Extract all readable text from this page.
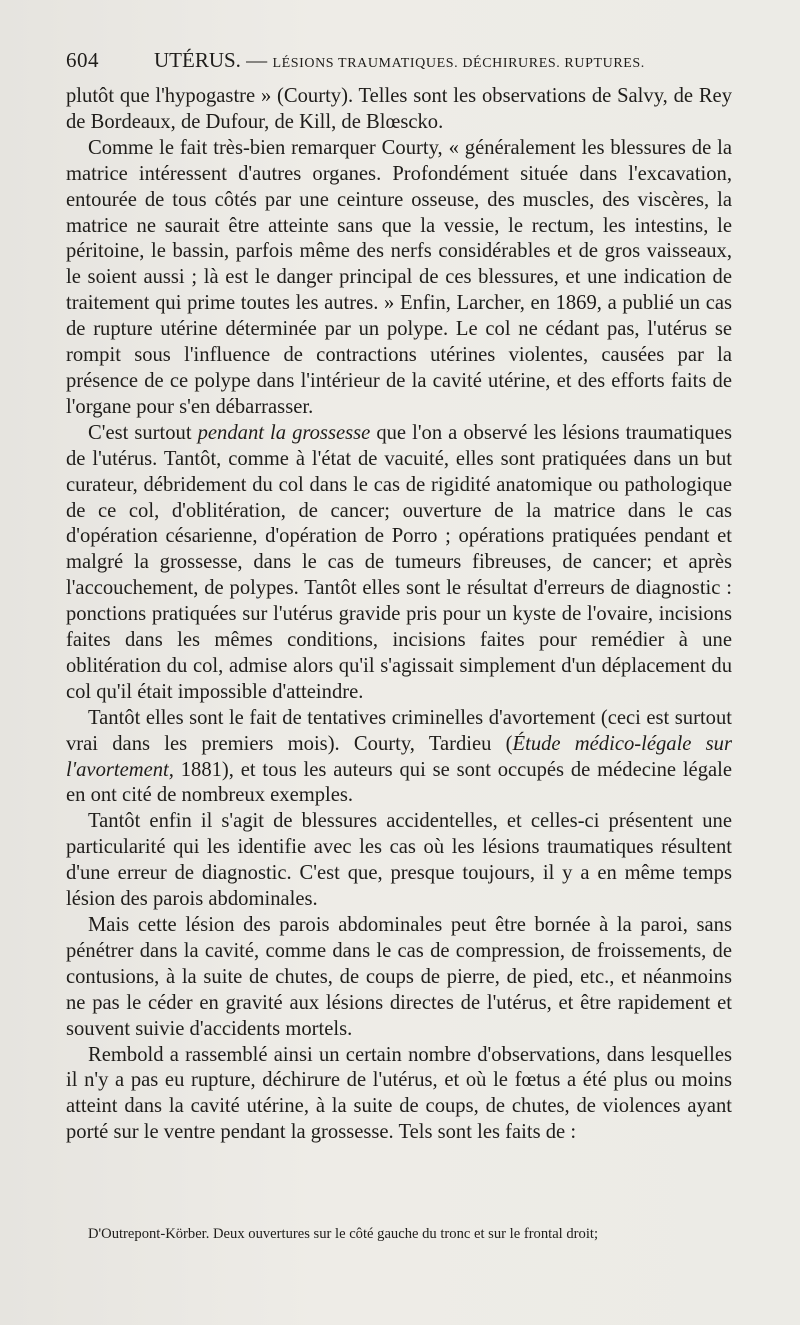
604	UTÉRUS. — LÉSIONS TRAUMATIQUES. DÉCHIRURES. RUPTURES.

plutôt que l'hypogastre » (Courty). Telles sont les observations de Salvy, de Rey de Bordeaux, de Dufour, de Kill, de Blœscko.

Comme le fait très-bien remarquer Courty, « généralement les blessures de la matrice intéressent d'autres organes. Profondément située dans l'excavation, entourée de tous côtés par une ceinture osseuse, des muscles, des viscères, la matrice ne saurait être atteinte sans que la vessie, le rectum, les intestins, le péritoine, le bassin, parfois même des nerfs considérables et de gros vaisseaux, le soient aussi ; là est le danger principal de ces blessures, et une indication de traitement qui prime toutes les autres. » Enfin, Larcher, en 1869, a publié un cas de rupture utérine déterminée par un polype. Le col ne cédant pas, l'utérus se rompit sous l'influence de contractions utérines violentes, causées par la présence de ce polype dans l'intérieur de la cavité utérine, et des efforts faits de l'organe pour s'en débarrasser.

C'est surtout pendant la grossesse que l'on a observé les lésions traumatiques de l'utérus. Tantôt, comme à l'état de vacuité, elles sont pratiquées dans un but curateur, débridement du col dans le cas de rigidité anatomique ou pathologique de ce col, d'oblitération, de cancer; ouverture de la matrice dans le cas d'opération césarienne, d'opération de Porro ; opérations pratiquées pendant et malgré la grossesse, dans le cas de tumeurs fibreuses, de cancer; et après l'accouchement, de polypes. Tantôt elles sont le résultat d'erreurs de diagnostic : ponctions pratiquées sur l'utérus gravide pris pour un kyste de l'ovaire, incisions faites dans les mêmes conditions, incisions faites pour remédier à une oblitération du col, admise alors qu'il s'agissait simplement d'un déplacement du col qu'il était impossible d'atteindre.

Tantôt elles sont le fait de tentatives criminelles d'avortement (ceci est surtout vrai dans les premiers mois). Courty, Tardieu (Étude médico-légale sur l'avortement, 1881), et tous les auteurs qui se sont occupés de médecine légale en ont cité de nombreux exemples.

Tantôt enfin il s'agit de blessures accidentelles, et celles-ci présentent une particularité qui les identifie avec les cas où les lésions traumatiques résultent d'une erreur de diagnostic. C'est que, presque toujours, il y a en même temps lésion des parois abdominales.

Mais cette lésion des parois abdominales peut être bornée à la paroi, sans pénétrer dans la cavité, comme dans le cas de compression, de froissements, de contusions, à la suite de chutes, de coups de pierre, de pied, etc., et néanmoins ne pas le céder en gravité aux lésions directes de l'utérus, et être rapidement et souvent suivie d'accidents mortels.

Rembold a rassemblé ainsi un certain nombre d'observations, dans lesquelles il n'y a pas eu rupture, déchirure de l'utérus, et où le fœtus a été plus ou moins atteint dans la cavité utérine, à la suite de coups, de chutes, de violences ayant porté sur le ventre pendant la grossesse. Tels sont les faits de :

D'Outrepont-Körber. Deux ouvertures sur le côté gauche du tronc et sur le frontal droit;
